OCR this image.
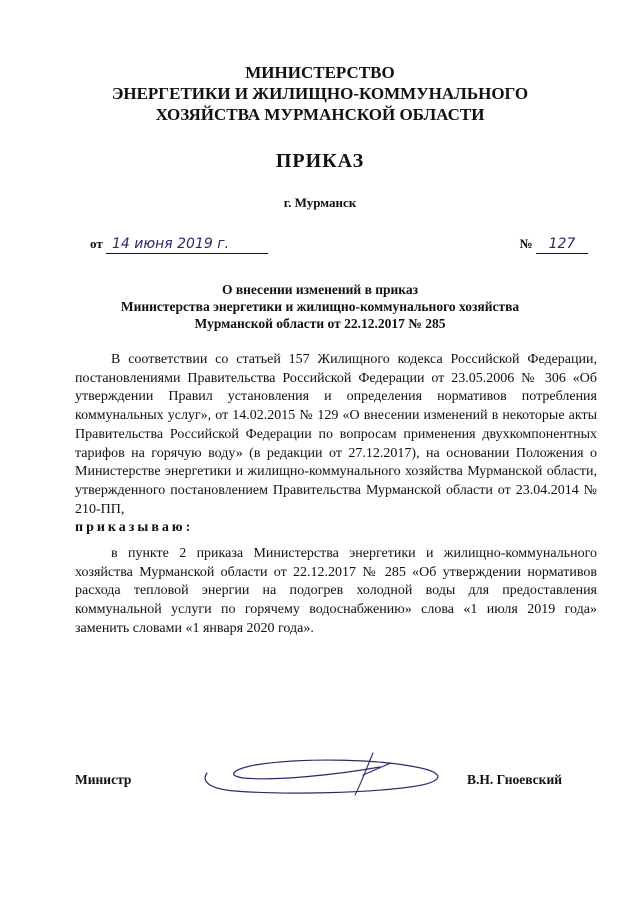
МИНИСТЕРСТВО
ЭНЕРГЕТИКИ И ЖИЛИЩНО-КОММУНАЛЬНОГО
ХОЗЯЙСТВА МУРМАНСКОЙ ОБЛАСТИ
ПРИКАЗ
г. Мурманск
от 14 июня 2019 г.	№ 127
О внесении изменений в приказ
Министерства энергетики и жилищно-коммунального хозяйства
Мурманской области от 22.12.2017 № 285

В соответствии со статьей 157 Жилищного кодекса Российской Федерации, постановлениями Правительства Российской Федерации от 23.05.2006 № 306 «Об утверждении Правил установления и определения нормативов потребления коммунальных услуг», от 14.02.2015 № 129 «О внесении изменений в некоторые акты Правительства Российской Федерации по вопросам применения двухкомпонентных тарифов на горячую воду» (в редакции от 27.12.2017), на основании Положения о Министерстве энергетики и жилищно-коммунального хозяйства Мурманской области, утвержденного постановлением Правительства Мурманской области от 23.04.2014 № 210-ПП,

приказываю:

в пункте 2 приказа Министерства энергетики и жилищно-коммунального хозяйства Мурманской области от 22.12.2017 № 285 «Об утверждении нормативов расхода тепловой энергии на подогрев холодной воды для предоставления коммунальной услуги по горячему водоснабжению» слова «1 июля 2019 года» заменить словами «1 января 2020 года».

Министр	В.Н. Гноевский
